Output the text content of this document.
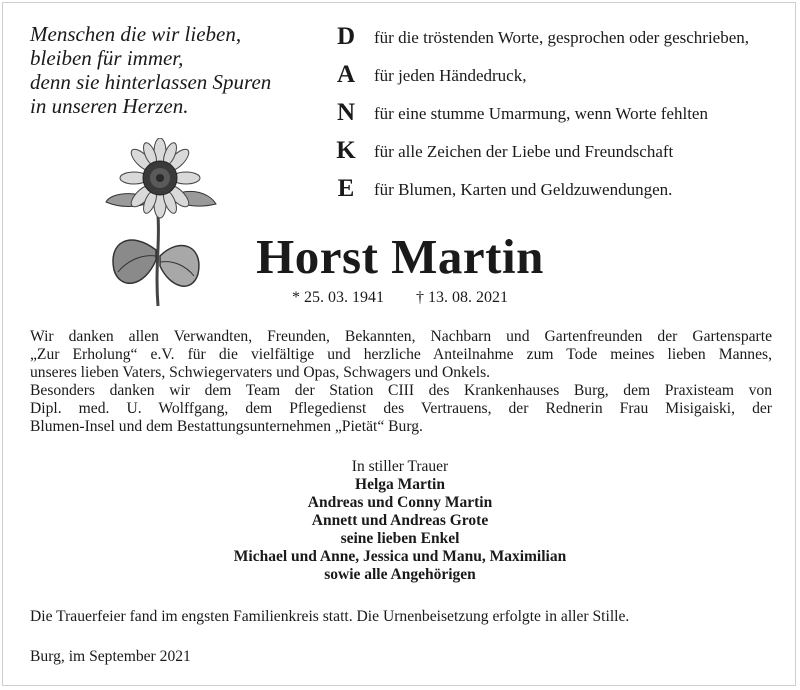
Menschen die wir lieben,
bleiben für immer,
denn sie hinterlassen Spuren
in unseren Herzen.
D für die tröstenden Worte, gesprochen oder geschrieben,
A für jeden Händedruck,
N für eine stumme Umarmung, wenn Worte fehlten
K für alle Zeichen der Liebe und Freundschaft
E für Blumen, Karten und Geldzuwendungen.
Horst Martin
* 25. 03. 1941 † 13. 08. 2021
Wir danken allen Verwandten, Freunden, Bekannten, Nachbarn und Gartenfreunden der Gartensparte
„Zur Erholung“ e.V. für die vielfältige und herzliche Anteilnahme zum Tode meines lieben Mannes,
unseres lieben Vaters, Schwiegervaters und Opas, Schwagers und Onkels.
Besonders danken wir dem Team der Station CIII des Krankenhauses Burg, dem Praxisteam von
Dipl. med. U. Wolffgang, dem Pflegedienst des Vertrauens, der Rednerin Frau Misigaiski, der
Blumen-Insel und dem Bestattungsunternehmen „Pietät“ Burg.
In stiller Trauer
Helga Martin
Andreas und Conny Martin
Annett und Andreas Grote
seine lieben Enkel
Michael und Anne, Jessica und Manu, Maximilian
sowie alle Angehörigen
Die Trauerfeier fand im engsten Familienkreis statt. Die Urnenbeisetzung erfolgte in aller Stille.
Burg, im September 2021
